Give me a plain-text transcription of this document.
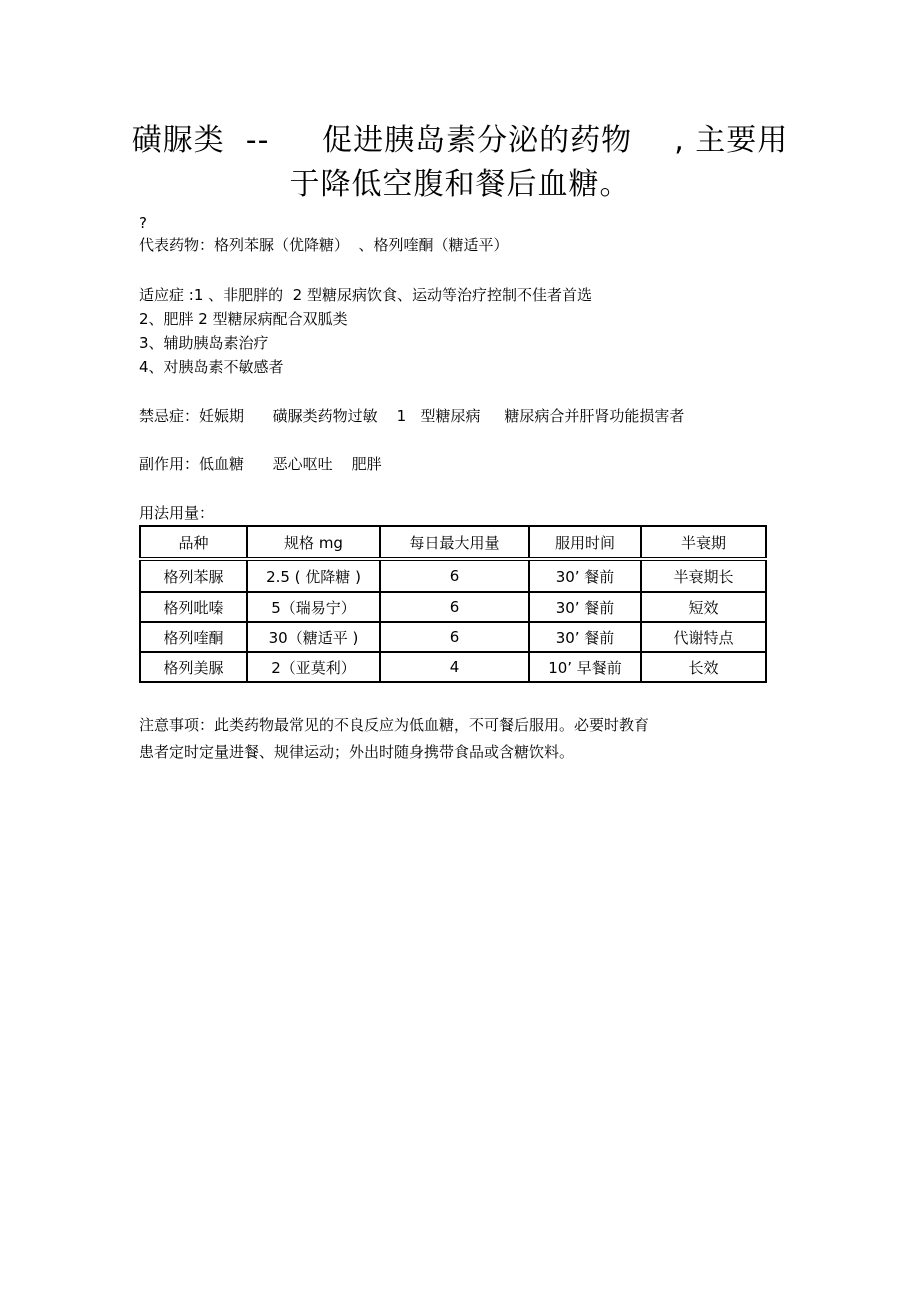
磺脲类  --     促进胰岛素分泌的药物    , 主要用
于降低空腹和餐后血糖。
?
代表药物：格列苯脲（优降糖）  、格列喹酮（糖适平）
适应症 :1 、非肥胖的  2 型糖尿病饮食、运动等治疗控制不佳者首选
2、肥胖 2 型糖尿病配合双胍类
3、辅助胰岛素治疗
4、对胰岛素不敏感者
禁忌症：妊娠期      磺脲类药物过敏    1   型糖尿病     糖尿病合并肝肾功能损害者
副作用：低血糖      恶心呕吐    肥胖
用法用量：
品种	规格 mg	每日最大用量	服用时间	半衰期
格列苯脲	2.5 ( 优降糖 )	6	30’ 餐前	半衰期长
格列吡嗪	5（瑞易宁）	6	30’ 餐前	短效
格列喹酮	30（糖适平 )	6	30’ 餐前	代谢特点
格列美脲	2（亚莫利）	4	10’ 早餐前	长效
注意事项：此类药物最常见的不良反应为低血糖，不可餐后服用。必要时教育
患者定时定量进餐、规律运动；外出时随身携带食品或含糖饮料。
